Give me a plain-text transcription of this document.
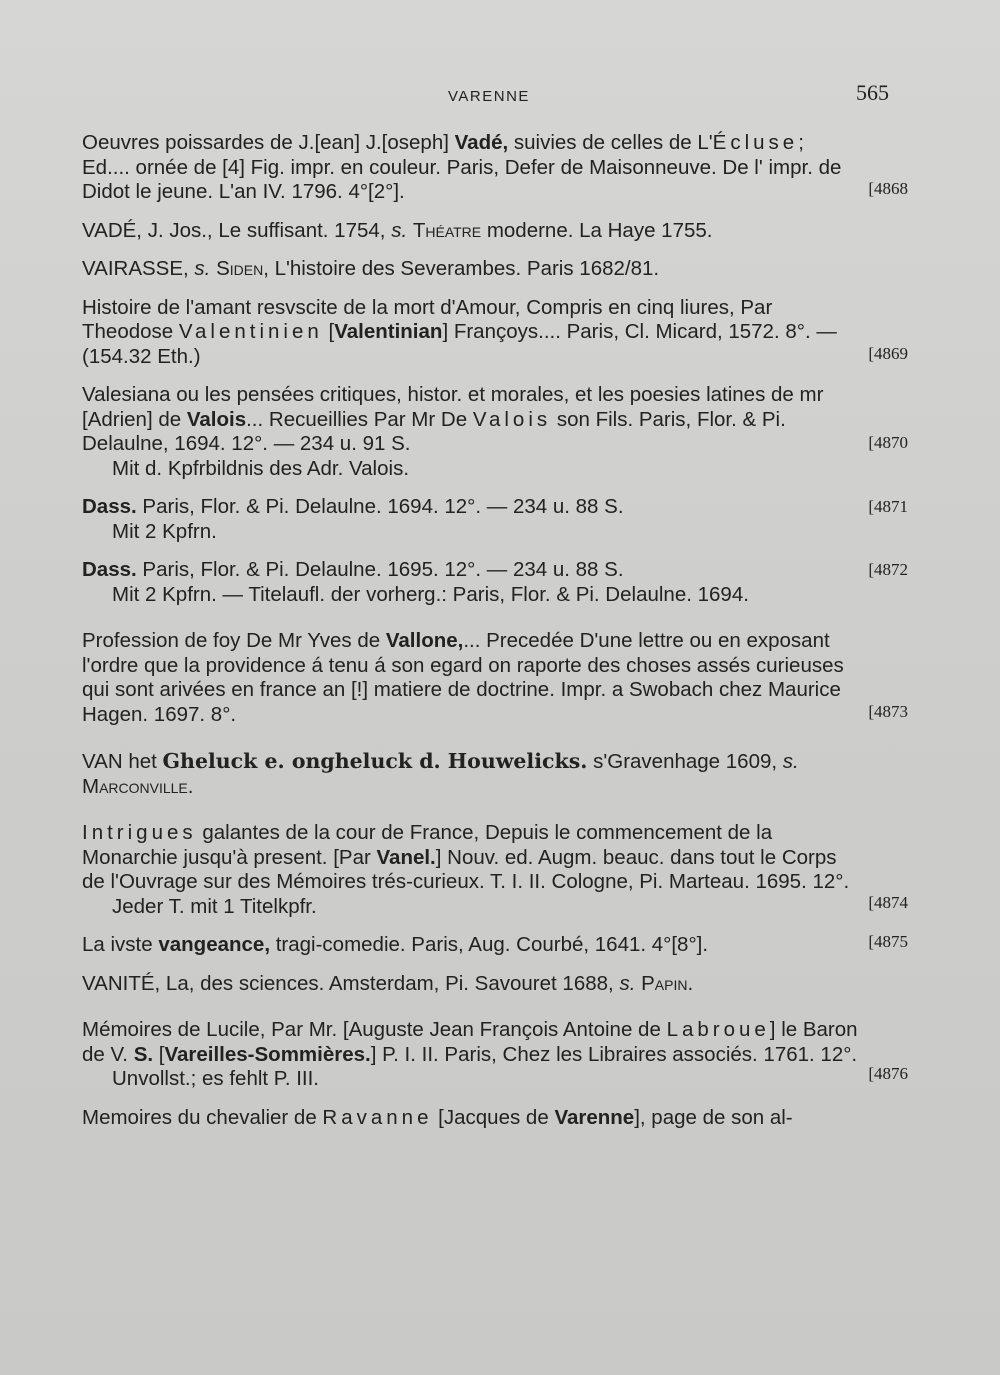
VARENNE	565

Oeuvres poissardes de J.[ean] J.[oseph] Vadé, suivies de celles de L'Écluse; Ed.... ornée de [4] Fig. impr. en couleur. Paris, Defer de Maisonneuve. De l' impr. de Didot le jeune. L'an IV. 1796. 4°[2°].	[4868

VADÉ, J. Jos., Le suffisant. 1754, s. Théatre moderne. La Haye 1755.

VAIRASSE, s. Siden, L'histoire des Severambes. Paris 1682/81.

Histoire de l'amant resvscite de la mort d'Amour, Compris en cinq liures, Par Theodose Valentinien [Valentinian] Françoys.... Paris, Cl. Micard, 1572. 8°. — (154.32 Eth.)	[4869

Valesiana ou les pensées critiques, histor. et morales, et les poesies latines de mr [Adrien] de Valois... Recueillies Par Mr De Valois son Fils. Paris, Flor. & Pi. Delaulne, 1694. 12°. — 234 u. 91 S.

Mit d. Kpfrbildnis des Adr. Valois.

[4870

Dass. Paris, Flor. & Pi. Delaulne. 1694. 12°. — 234 u. 88 S.

Mit 2 Kpfrn.

[4871

Dass. Paris, Flor. & Pi. Delaulne. 1695. 12°. — 234 u. 88 S.

Mit 2 Kpfrn. — Titelaufl. der vorherg.: Paris, Flor. & Pi. Delaulne. 1694.

[4872

Profession de foy De Mr Yves de Vallone,... Precedée D'une lettre ou en exposant l'ordre que la providence á tenu á son egard on raporte des choses assés curieuses qui sont arivées en france an [!] matiere de doctrine. Impr. a Swobach chez Maurice Hagen. 1697. 8°.	[4873

VAN het Gheluck e. ongheluck d. Houwelicks. s'Gravenhage 1609, s. Marconville.

Intrigues galantes de la cour de France, Depuis le commencement de la Monarchie jusqu'à present. [Par Vanel.] Nouv. ed. Augm. beauc. dans tout le Corps de l'Ouvrage sur des Mémoires trés-curieux. T. I. II. Cologne, Pi. Marteau. 1695. 12°.

Jeder T. mit 1 Titelkpfr.	[4874

La ivste vangeance, tragi-comedie. Paris, Aug. Courbé, 1641. 4°[8°].	[4875

VANITÉ, La, des sciences. Amsterdam, Pi. Savouret 1688, s. Papin.

Mémoires de Lucile, Par Mr. [Auguste Jean François Antoine de Labroue] le Baron de V. S. [Vareilles-Sommières.] P. I. II. Paris, Chez les Libraires associés. 1761. 12°.

Unvollst.; es fehlt P. III.	[4876

Memoires du chevalier de Ravanne [Jacques de Varenne], page de son al-
